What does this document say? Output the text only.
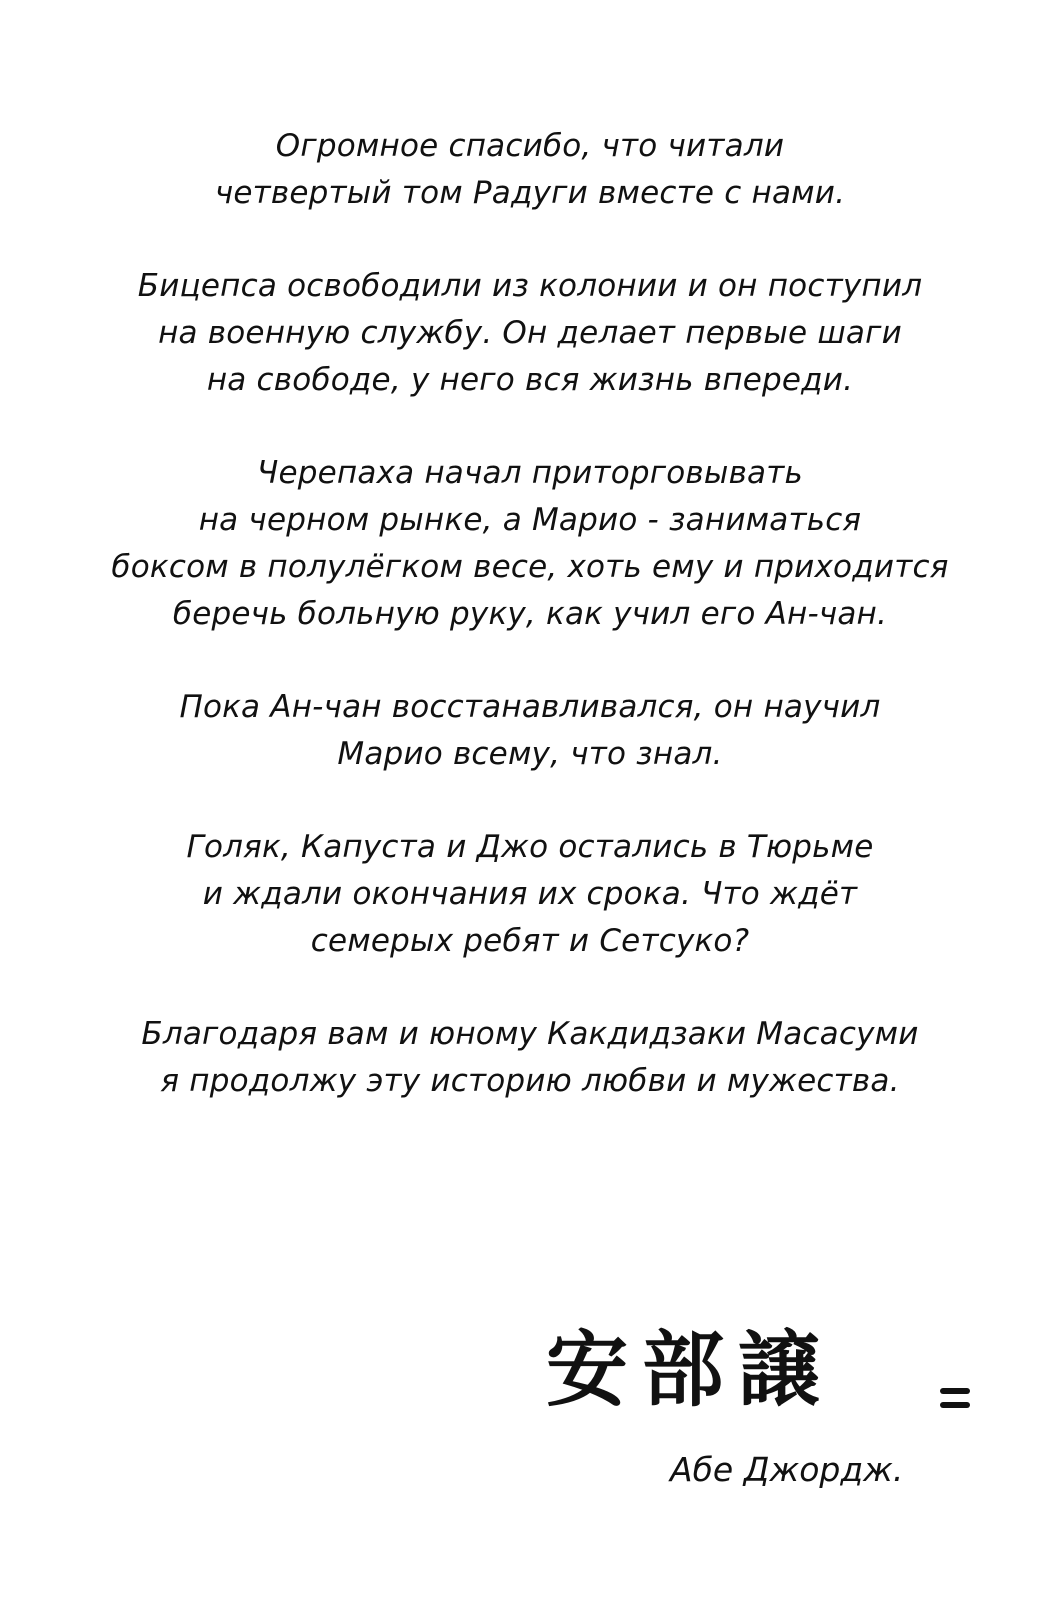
Огромное спасибо, что читали
четвертый том Радуги вместе с нами.

Бицепса освободили из колонии и он поступил
на военную службу. Он делает первые шаги
на свободе, у него вся жизнь впереди.

Черепаха начал приторговывать
на черном рынке, а Марио - заниматься
боксом в полулёгком весе, хоть ему и приходится
беречь больную руку, как учил его Ан-чан.

Пока Ан-чан восстанавливался, он научил
Марио всему, что знал.

Голяк, Капуста и Джо остались в Тюрьме
и ждали окончания их срока. Что ждёт
семерых ребят и Сетсуко?

Благодаря вам и юному Какдидзаки Масасуми
я продолжу эту историю любви и мужества.

安部譲
Абе Джордж.
